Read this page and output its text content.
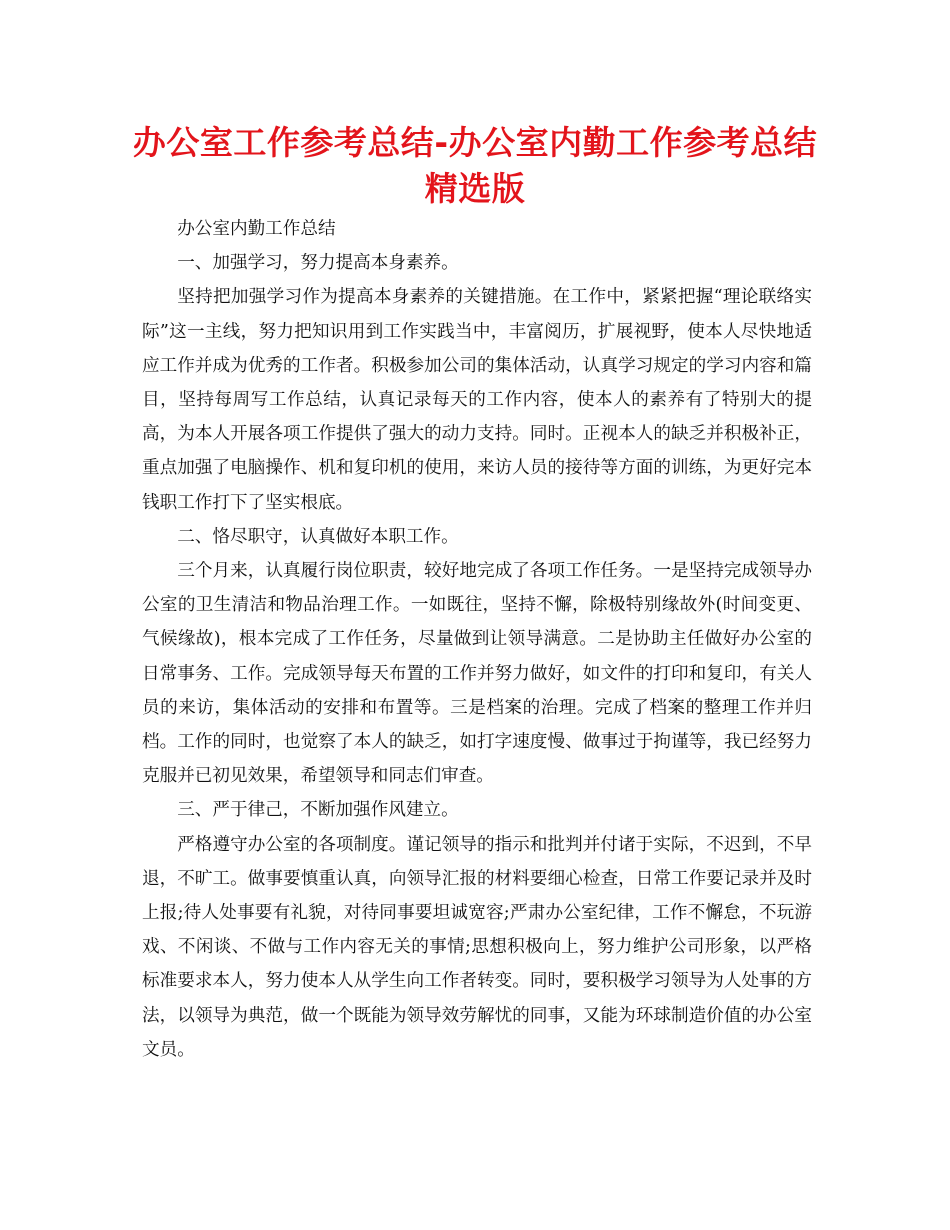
办公室工作参考总结-办公室内勤工作参考总结精选版

办公室内勤工作总结

一、加强学习，努力提高本身素养。

坚持把加强学习作为提高本身素养的关键措施。在工作中，紧紧把握“理论联络实际”这一主线，努力把知识用到工作实践当中，丰富阅历，扩展视野，使本人尽快地适应工作并成为优秀的工作者。积极参加公司的集体活动，认真学习规定的学习内容和篇目，坚持每周写工作总结，认真记录每天的工作内容，使本人的素养有了特别大的提高，为本人开展各项工作提供了强大的动力支持。同时。正视本人的缺乏并积极补正，重点加强了电脑操作、机和复印机的使用，来访人员的接待等方面的训练，为更好完本钱职工作打下了坚实根底。

二、恪尽职守，认真做好本职工作。

三个月来，认真履行岗位职责，较好地完成了各项工作任务。一是坚持完成领导办公室的卫生清洁和物品治理工作。一如既往，坚持不懈，除极特别缘故外(时间变更、气候缘故)，根本完成了工作任务，尽量做到让领导满意。二是协助主任做好办公室的日常事务、工作。完成领导每天布置的工作并努力做好，如文件的打印和复印，有关人员的来访，集体活动的安排和布置等。三是档案的治理。完成了档案的整理工作并归档。工作的同时，也觉察了本人的缺乏，如打字速度慢、做事过于拘谨等，我已经努力克服并已初见效果，希望领导和同志们审查。

三、严于律己，不断加强作风建立。

严格遵守办公室的各项制度。谨记领导的指示和批判并付诸于实际，不迟到，不早退，不旷工。做事要慎重认真，向领导汇报的材料要细心检查，日常工作要记录并及时上报;待人处事要有礼貌，对待同事要坦诚宽容;严肃办公室纪律，工作不懈怠，不玩游戏、不闲谈、不做与工作内容无关的事情;思想积极向上，努力维护公司形象，以严格标准要求本人，努力使本人从学生向工作者转变。同时，要积极学习领导为人处事的方法，以领导为典范，做一个既能为领导效劳解忧的同事，又能为环球制造价值的办公室文员。
